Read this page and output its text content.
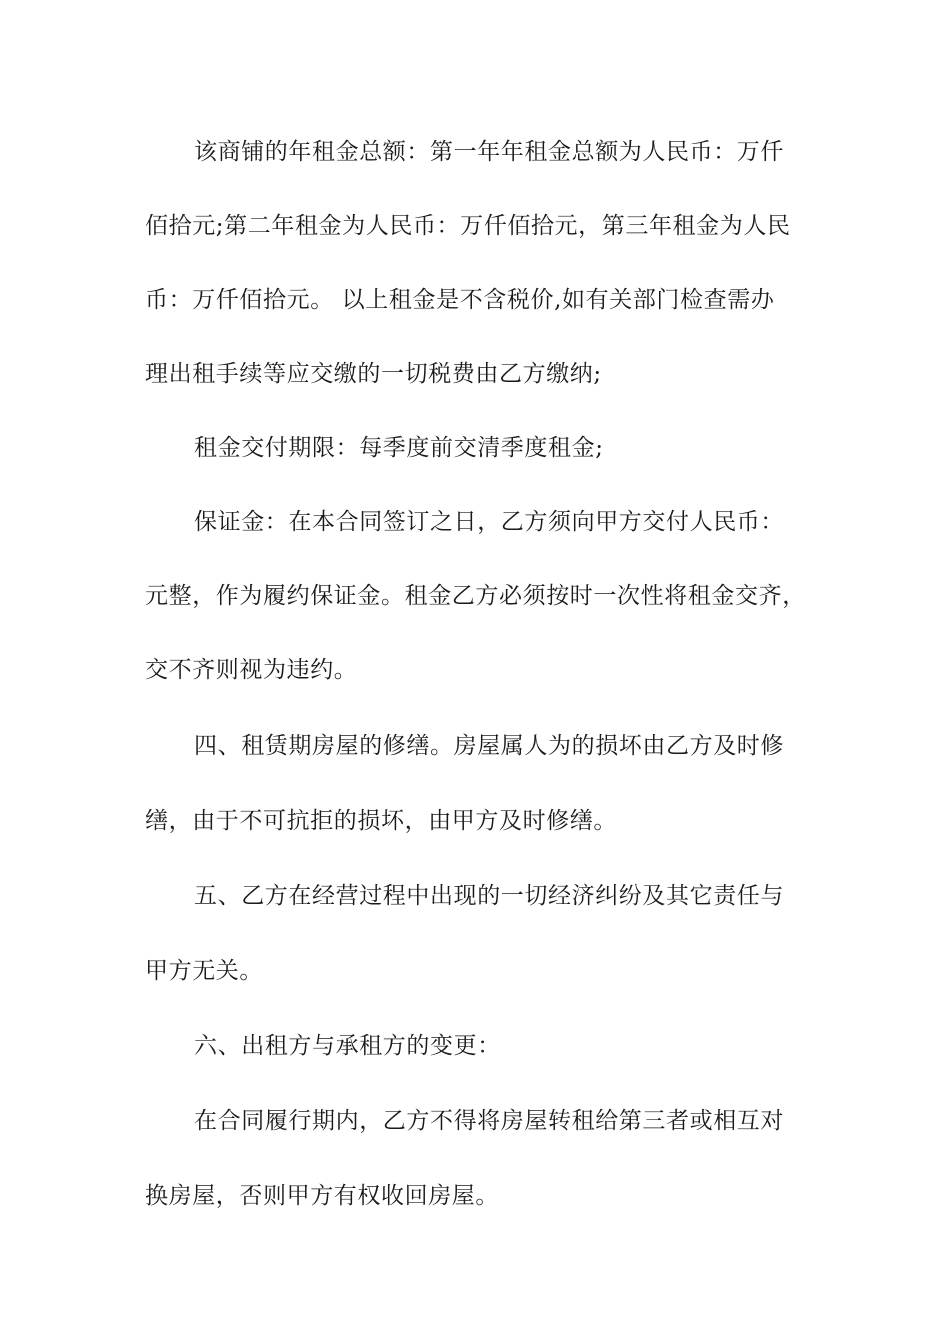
该商铺的年租金总额：第一年年租金总额为人民币：万仟

佰拾元;第二年租金为人民币：万仟佰拾元，第三年租金为人民

币：万仟佰拾元。 以上租金是不含税价,如有关部门检查需办

理出租手续等应交缴的一切税费由乙方缴纳;

租金交付期限：每季度前交清季度租金;

保证金：在本合同签订之日，乙方须向甲方交付人民币：

元整，作为履约保证金。租金乙方必须按时一次性将租金交齐，

交不齐则视为违约。

四、租赁期房屋的修缮。房屋属人为的损坏由乙方及时修

缮，由于不可抗拒的损坏，由甲方及时修缮。

五、乙方在经营过程中出现的一切经济纠纷及其它责任与

甲方无关。

六、出租方与承租方的变更：

在合同履行期内，乙方不得将房屋转租给第三者或相互对

换房屋，否则甲方有权收回房屋。
